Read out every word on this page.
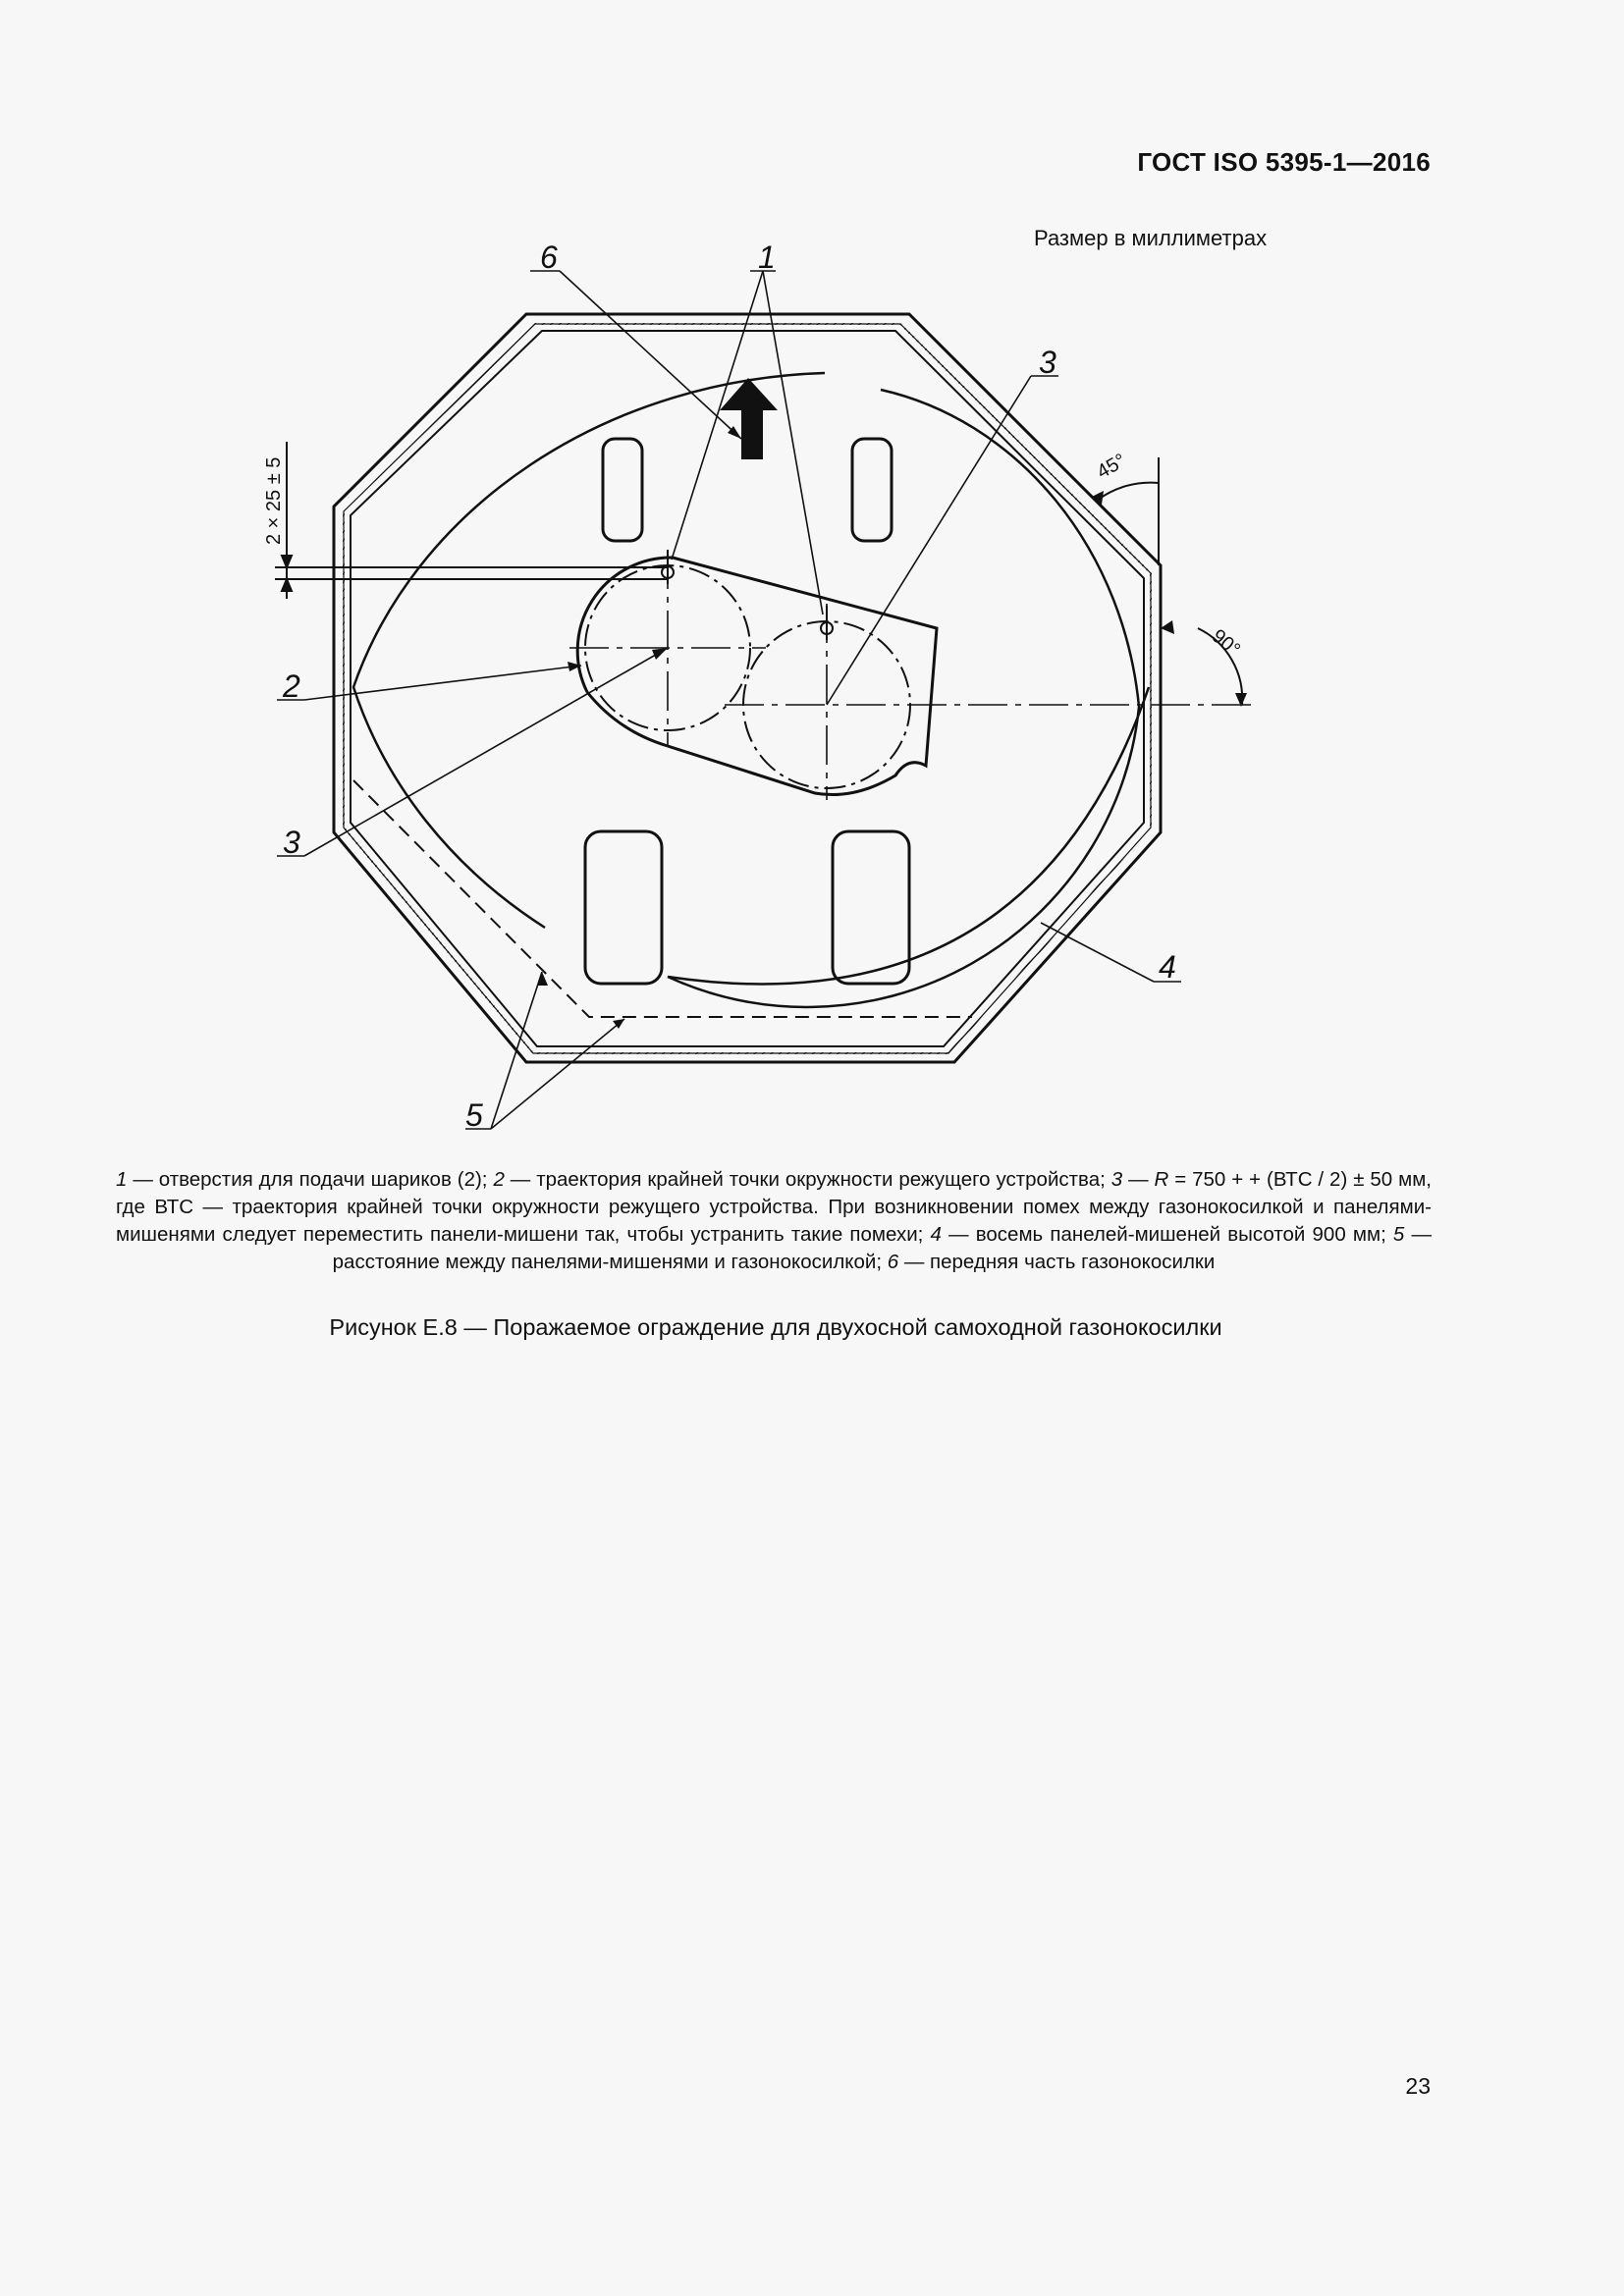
ГОСТ ISO 5395-1—2016
Размер в миллиметрах
2 × 25 ± 5	45°
90°
6	1
3
2
3
4
5
1 — отверстия для подачи шариков (2); 2 — траектория крайней точки окружности режущего устройства; 3 — R = 750 + + (ВТС / 2) ± 50 мм, где ВТС — траектория крайней точки окружности режущего устройства. При возникновении помех между газонокосилкой и панелями-мишенями следует переместить панели-мишени так, чтобы устранить такие помехи; 4 — восемь панелей-мишеней высотой 900 мм; 5 — расстояние между панелями-мишенями и газонокосилкой; 6 — передняя часть газонокосилки
Рисунок Е.8 — Поражаемое ограждение для двухосной самоходной газонокосилки
23
